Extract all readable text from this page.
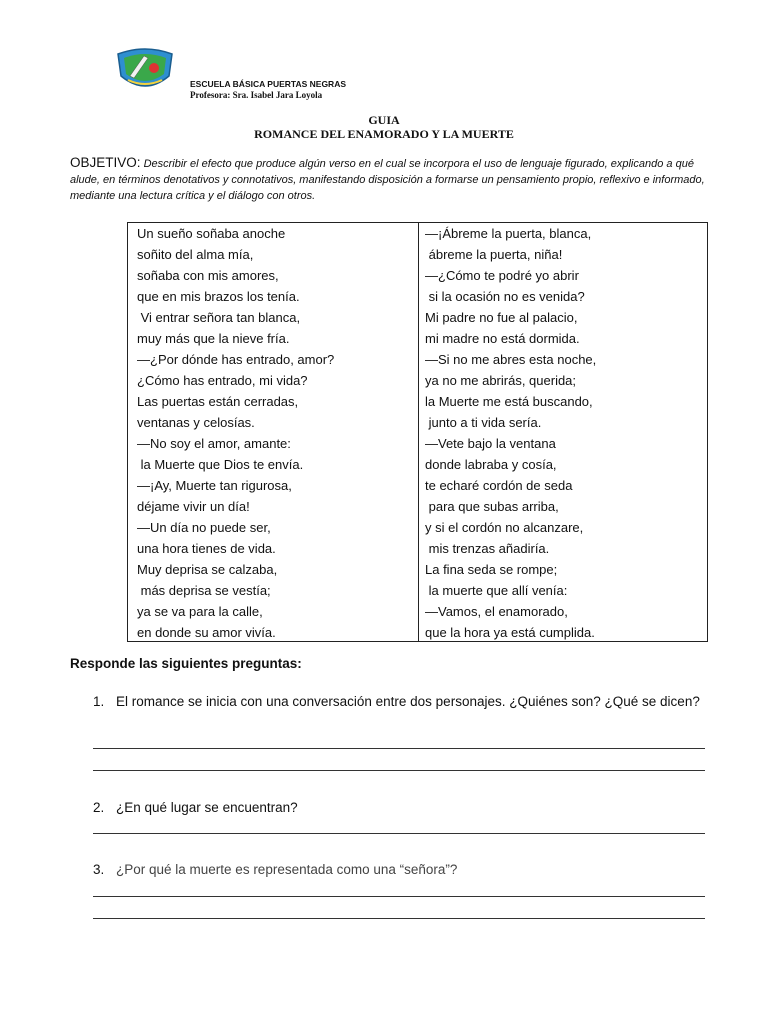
ESCUELA BÁSICA PUERTAS NEGRAS
Profesora: Sra. Isabel Jara Loyola
GUIA
ROMANCE DEL ENAMORADO Y LA MUERTE
OBJETIVO: Describir el efecto que produce algún verso en el cual se incorpora el uso de lenguaje figurado, explicando a qué alude, en términos denotativos y connotativos, manifestando disposición a formarse un pensamiento propio, reflexivo e informado, mediante una lectura crítica y el diálogo con otros.
Un sueño soñaba anoche
soñito del alma mía,
soñaba con mis amores,
que en mis brazos los tenía.
Vi entrar señora tan blanca,
muy más que la nieve fría.
—¿Por dónde has entrado, amor?
¿Cómo has entrado, mi vida?
Las puertas están cerradas,
ventanas y celosías.
—No soy el amor, amante:
la Muerte que Dios te envía.
—¡Ay, Muerte tan rigurosa,
déjame vivir un día!
—Un día no puede ser,
una hora tienes de vida.
Muy deprisa se calzaba,
más deprisa se vestía;
ya se va para la calle,
en donde su amor vivía.
—¡Ábreme la puerta, blanca,
ábreme la puerta, niña!
—¿Cómo te podré yo abrir
si la ocasión no es venida?
Mi padre no fue al palacio,
mi madre no está dormida.
—Si no me abres esta noche,
ya no me abrirás, querida;
la Muerte me está buscando,
junto a ti vida sería.
—Vete bajo la ventana
donde labraba y cosía,
te echaré cordón de seda
para que subas arriba,
y si el cordón no alcanzare,
mis trenzas añadiría.
La fina seda se rompe;
la muerte que allí venía:
—Vamos, el enamorado,
que la hora ya está cumplida.
Responde las siguientes preguntas:
1. El romance se inicia con una conversación entre dos personajes. ¿Quiénes son? ¿Qué se dicen?
2. ¿En qué lugar se encuentran?
3. ¿Por qué la muerte es representada como una “señora”?
